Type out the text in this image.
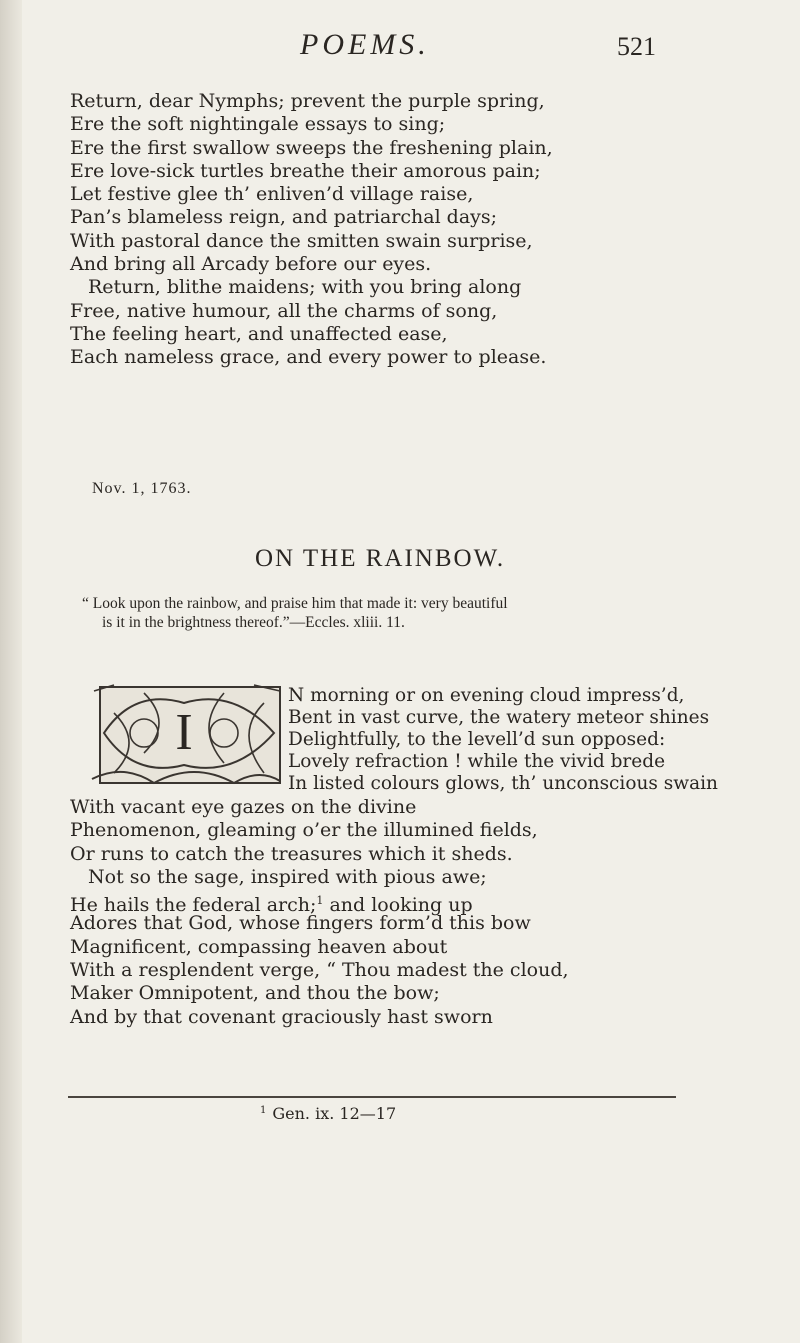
POEMS.	521
Return, dear Nymphs; prevent the purple spring,
Ere the soft nightingale essays to sing;
Ere the first swallow sweeps the freshening plain,
Ere love-sick turtles breathe their amorous pain;
Let festive glee th’ enliven’d village raise,
Pan’s blameless reign, and patriarchal days;
With pastoral dance the smitten swain surprise,
And bring all Arcady before our eyes.
Return, blithe maidens; with you bring along
Free, native humour, all the charms of song,
The feeling heart, and unaffected ease,
Each nameless grace, and every power to please.
Nov. 1, 1763.
ON THE RAINBOW.
“ Look upon the rainbow, and praise him that made it: very beautiful
is it in the brightness thereof.”—Eccles. xliii. 11.
I
N morning or on evening cloud impress’d,
Bent in vast curve, the watery meteor shines
Delightfully, to the levell’d sun opposed:
Lovely refraction ! while the vivid brede
In listed colours glows, th’ unconscious swain
With vacant eye gazes on the divine
Phenomenon, gleaming o’er the illumined fields,
Or runs to catch the treasures which it sheds.
Not so the sage, inspired with pious awe;
He hails the federal arch;$^1$ and looking up
Adores that God, whose fingers form’d this bow
Magnificent, compassing heaven about
With a resplendent verge, “ Thou madest the cloud,
Maker Omnipotent, and thou the bow;
And by that covenant graciously hast sworn
$^1$ Gen. ix. 12—17
